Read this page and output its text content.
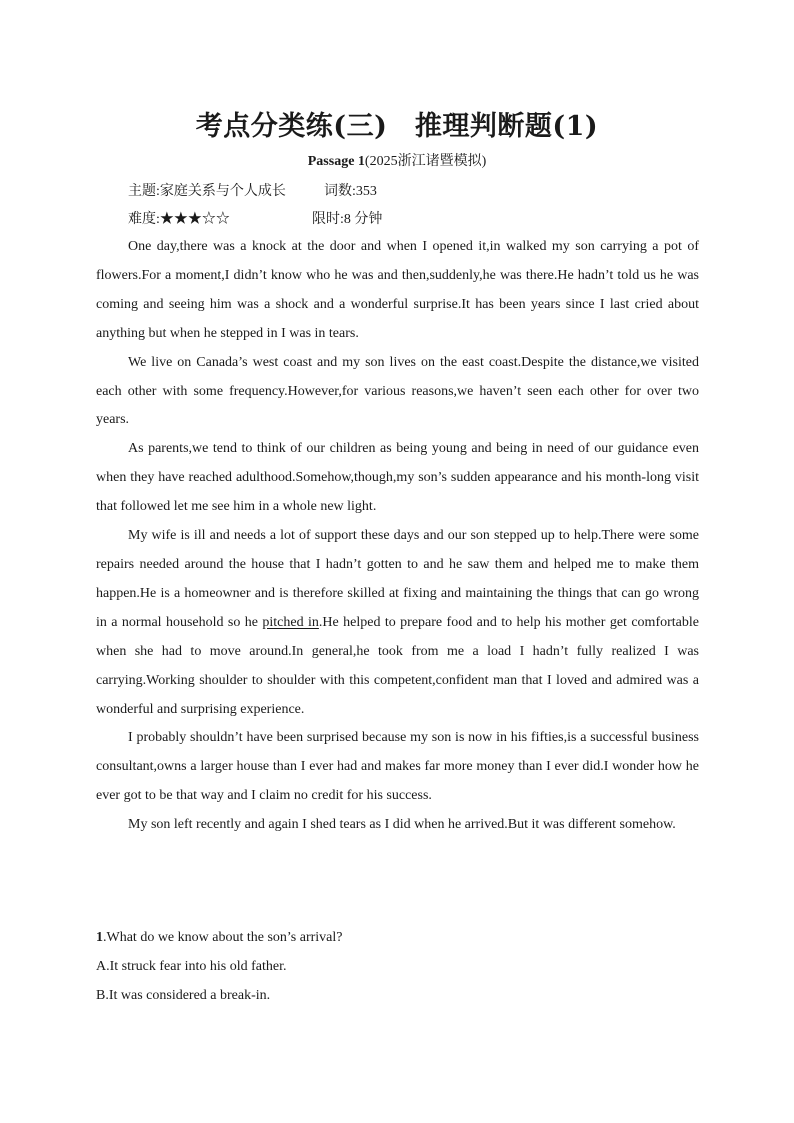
考点分类练(三)　推理判断题(1)
Passage 1(2025浙江诸暨模拟)
主题:家庭关系与个人成长	词数:353
难度:★★★☆☆	限时:8 分钟

One day,there was a knock at the door and when I opened it,in walked my son carrying a pot of flowers.For a moment,I didn’t know who he was and then,suddenly,he was there.He hadn’t told us he was coming and seeing him was a shock and a wonderful surprise.It has been years since I last cried about anything but when he stepped in I was in tears.

We live on Canada’s west coast and my son lives on the east coast.Despite the distance,we visited each other with some frequency.However,for various reasons,we haven’t seen each other for over two years.

As parents,we tend to think of our children as being young and being in need of our guidance even when they have reached adulthood.Somehow,though,my son’s sudden appearance and his month-long visit that followed let me see him in a whole new light.

My wife is ill and needs a lot of support these days and our son stepped up to help.There were some repairs needed around the house that I hadn’t gotten to and he saw them and helped me to make them happen.He is a homeowner and is therefore skilled at fixing and maintaining the things that can go wrong in a normal household so he pitched in.He helped to prepare food and to help his mother get comfortable when she had to move around.In general,he took from me a load I hadn’t fully realized I was carrying.Working shoulder to shoulder with this competent,confident man that I loved and admired was a wonderful and surprising experience.

I probably shouldn’t have been surprised because my son is now in his fifties,is a successful business consultant,owns a larger house than I ever had and makes far more money than I ever did.I wonder how he ever got to be that way and I claim no credit for his success.

My son left recently and again I shed tears as I did when he arrived.But it was different somehow.

1.What do we know about the son’s arrival?
A.It struck fear into his old father.
B.It was considered a break-in.
